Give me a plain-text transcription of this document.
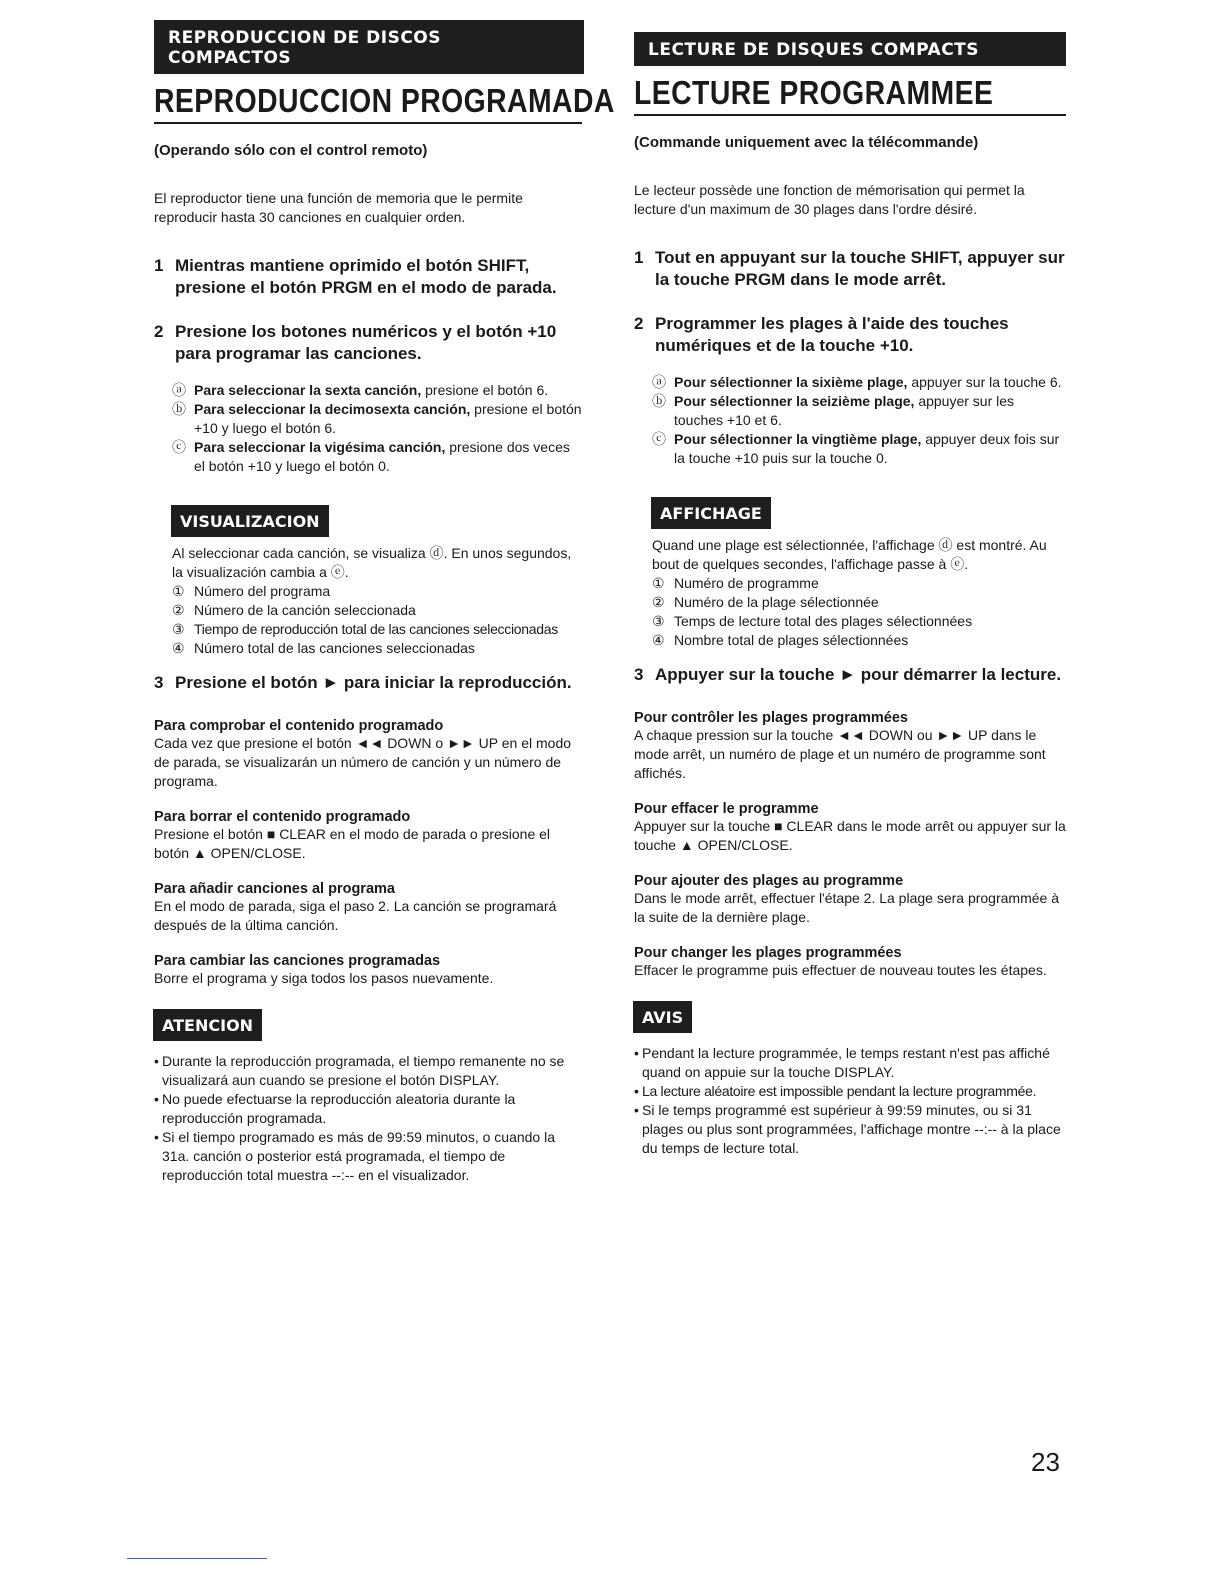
REPRODUCCION DE DISCOS COMPACTOS
REPRODUCCION PROGRAMADA
(Operando sólo con el control remoto)

El reproductor tiene una función de memoria que le permite reproducir hasta 30 canciones en cualquier orden.

1 Mientras mantiene oprimido el botón SHIFT, presione el botón PRGM en el modo de parada.
2 Presione los botones numéricos y el botón +10 para programar las canciones.
ⓐ Para seleccionar la sexta canción, presione el botón 6.
ⓑ Para seleccionar la decimosexta canción, presione el botón +10 y luego el botón 6.
ⓒ Para seleccionar la vigésima canción, presione dos veces el botón +10 y luego el botón 0.
VISUALIZACION
Al seleccionar cada canción, se visualiza ⓓ. En unos segundos, la visualización cambia a ⓔ.
① Número del programa
② Número de la canción seleccionada
③ Tiempo de reproducción total de las canciones seleccionadas
④ Número total de las canciones seleccionadas
3 Presione el botón ► para iniciar la reproducción.
Para comprobar el contenido programado
Cada vez que presione el botón ◄◄ DOWN o ►► UP en el modo de parada, se visualizarán un número de canción y un número de programa.
Para borrar el contenido programado
Presione el botón ■ CLEAR en el modo de parada o presione el botón ▲ OPEN/CLOSE.
Para añadir canciones al programa
En el modo de parada, siga el paso 2. La canción se programará después de la última canción.
Para cambiar las canciones programadas
Borre el programa y siga todos los pasos nuevamente.
ATENCION
• Durante la reproducción programada, el tiempo remanente no se visualizará aun cuando se presione el botón DISPLAY.
• No puede efectuarse la reproducción aleatoria durante la reproducción programada.
• Si el tiempo programado es más de 99:59 minutos, o cuando la 31a. canción o posterior está programada, el tiempo de reproducción total muestra --:-- en el visualizador.
LECTURE DE DISQUES COMPACTS
LECTURE PROGRAMMEE
(Commande uniquement avec la télécommande)

Le lecteur possède une fonction de mémorisation qui permet la lecture d'un maximum de 30 plages dans l'ordre désiré.

1 Tout en appuyant sur la touche SHIFT, appuyer sur la touche PRGM dans le mode arrêt.
2 Programmer les plages à l'aide des touches numériques et de la touche +10.
ⓐ Pour sélectionner la sixième plage, appuyer sur la touche 6.
ⓑ Pour sélectionner la seizième plage, appuyer sur les touches +10 et 6.
ⓒ Pour sélectionner la vingtième plage, appuyer deux fois sur la touche +10 puis sur la touche 0.
AFFICHAGE
Quand une plage est sélectionnée, l'affichage ⓓ est montré. Au bout de quelques secondes, l'affichage passe à ⓔ.
① Numéro de programme
② Numéro de la plage sélectionnée
③ Temps de lecture total des plages sélectionnées
④ Nombre total de plages sélectionnées
3 Appuyer sur la touche ► pour démarrer la lecture.
Pour contrôler les plages programmées
A chaque pression sur la touche ◄◄ DOWN ou ►► UP dans le mode arrêt, un numéro de plage et un numéro de programme sont affichés.
Pour effacer le programme
Appuyer sur la touche ■ CLEAR dans le mode arrêt ou appuyer sur la touche ▲ OPEN/CLOSE.
Pour ajouter des plages au programme
Dans le mode arrêt, effectuer l'étape 2. La plage sera programmée à la suite de la dernière plage.
Pour changer les plages programmées
Effacer le programme puis effectuer de nouveau toutes les étapes.
AVIS
• Pendant la lecture programmée, le temps restant n'est pas affiché quand on appuie sur la touche DISPLAY.
• La lecture aléatoire est impossible pendant la lecture programmée.
• Si le temps programmé est supérieur à 99:59 minutes, ou si 31 plages ou plus sont programmées, l'affichage montre --:-- à la place du temps de lecture total.
23
